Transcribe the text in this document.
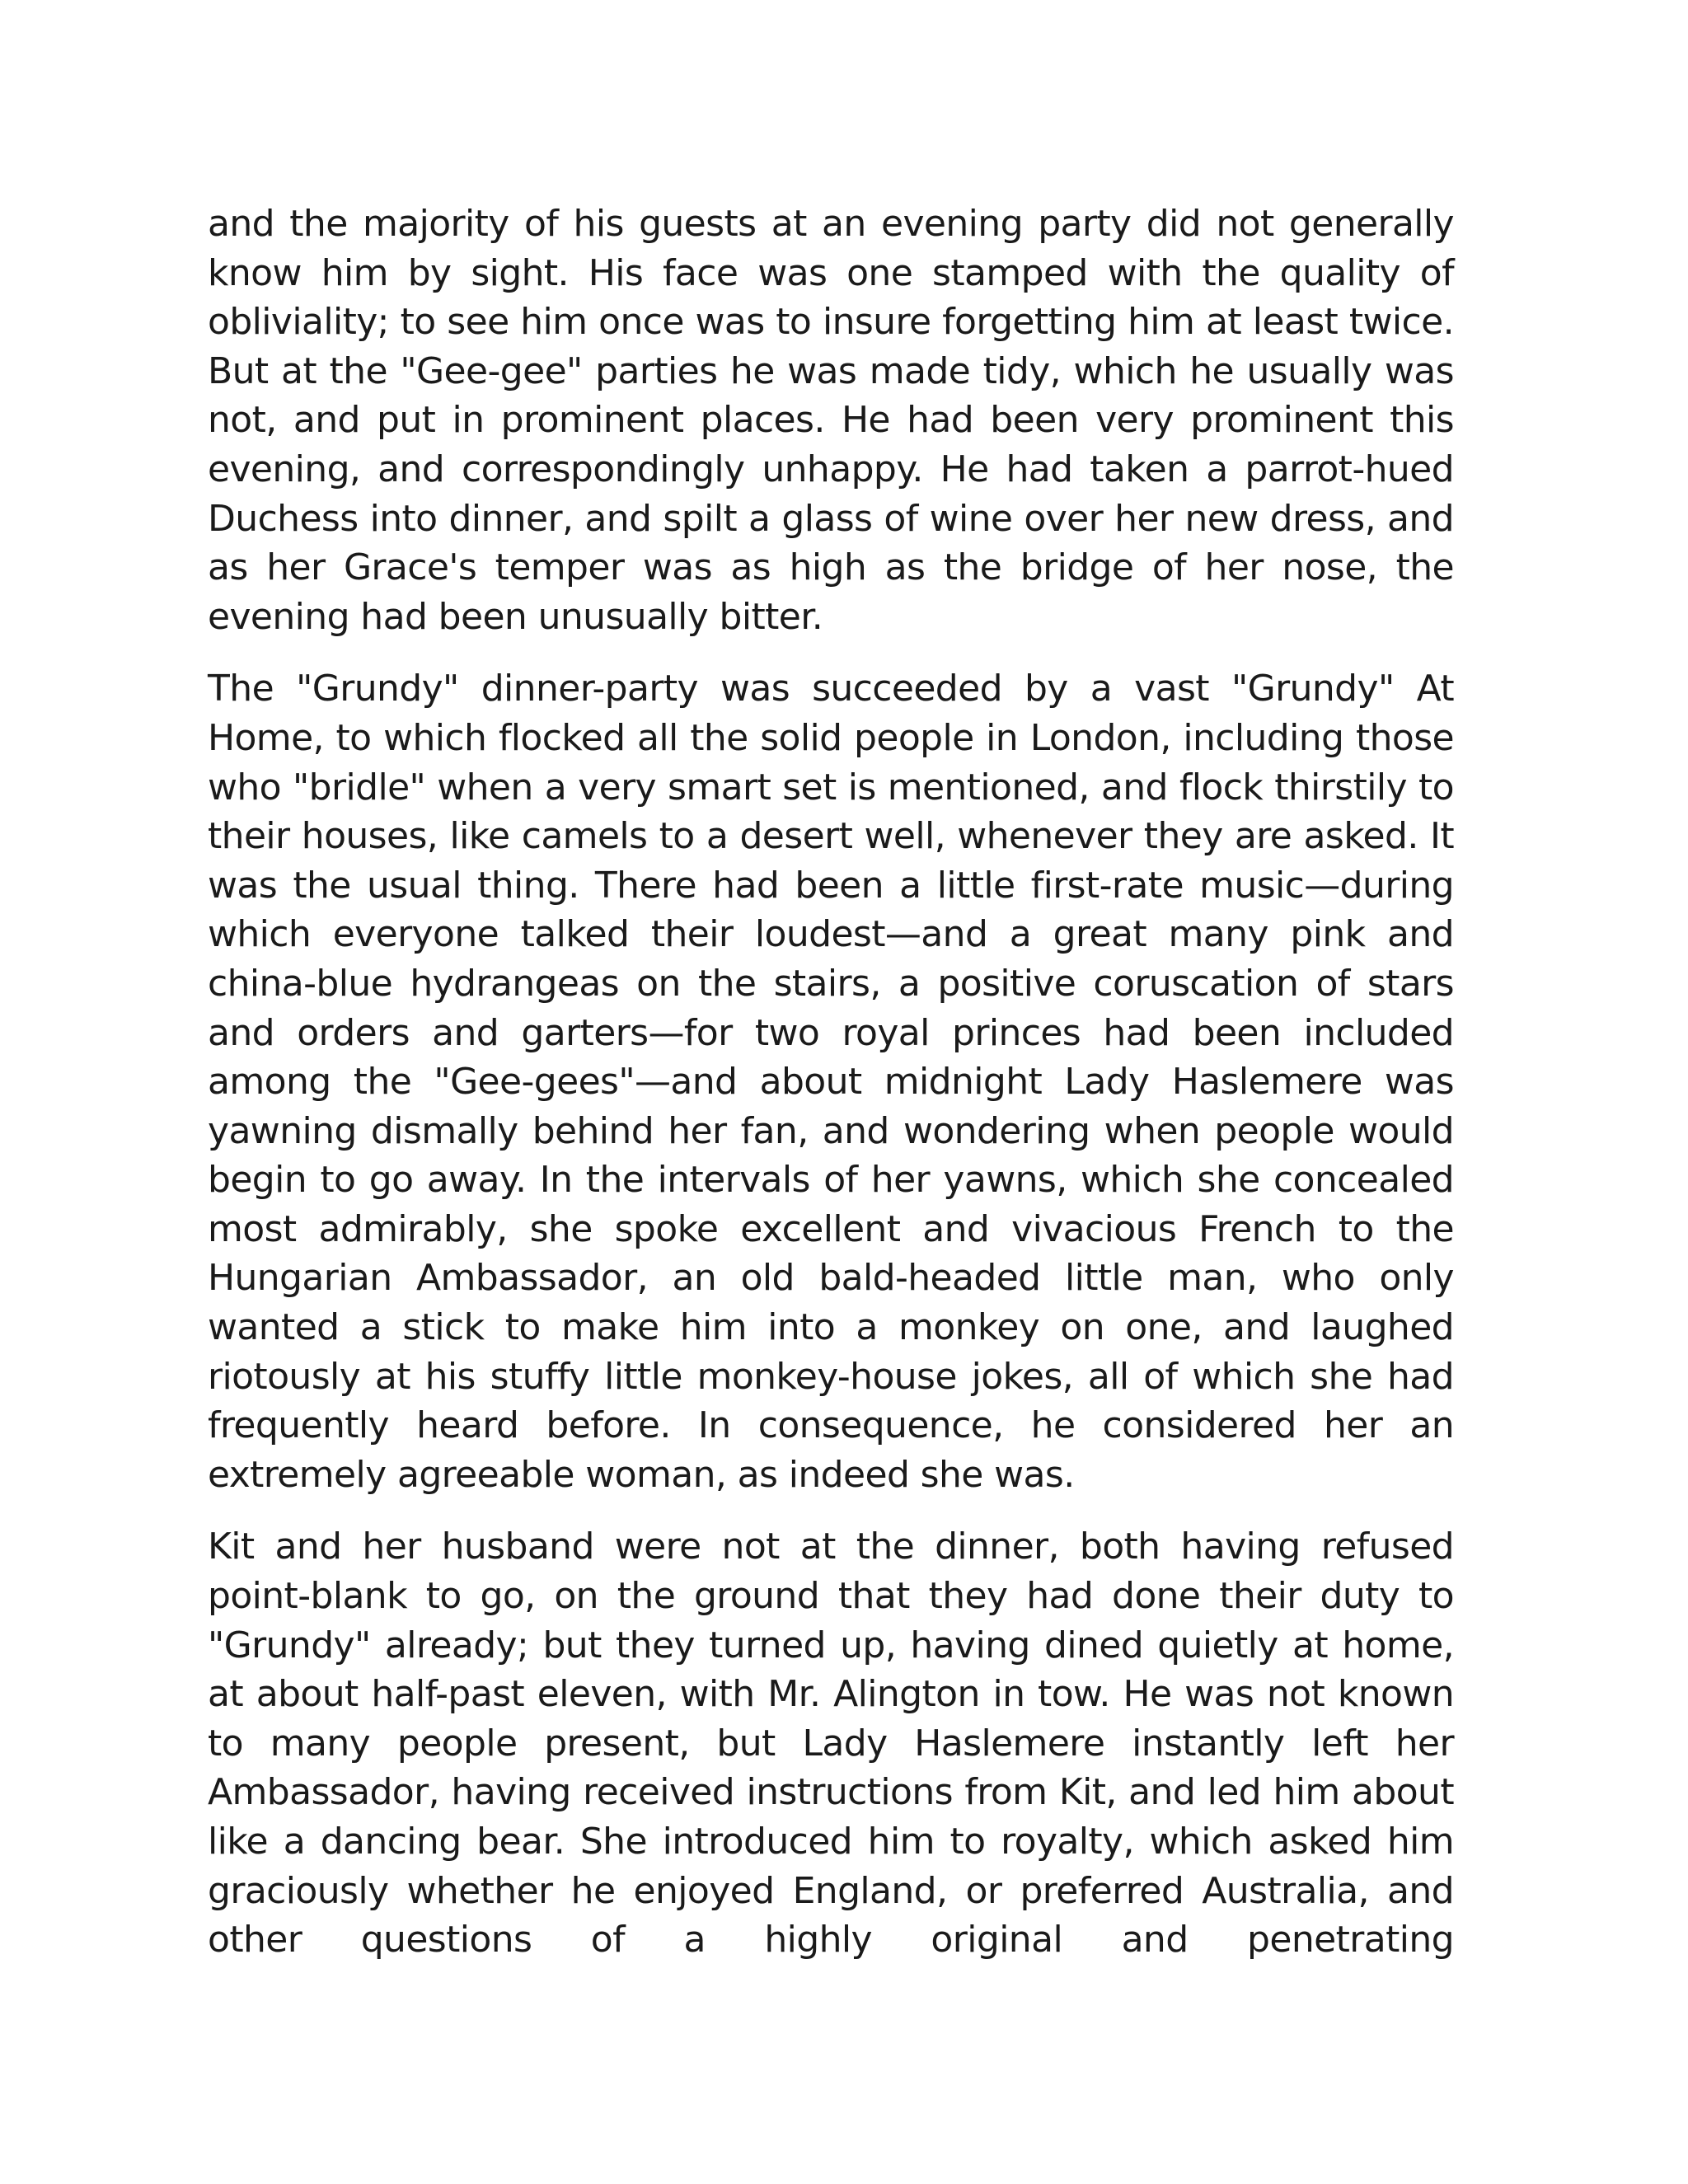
and the majority of his guests at an evening party did not generally know him by sight. His face was one stamped with the quality of obliviality; to see him once was to insure forgetting him at least twice. But at the "Gee-gee" parties he was made tidy, which he usually was not, and put in prominent places. He had been very prominent this evening, and correspondingly unhappy. He had taken a parrot-hued Duchess into dinner, and spilt a glass of wine over her new dress, and as her Grace's temper was as high as the bridge of her nose, the evening had been unusually bitter.

The "Grundy" dinner-party was succeeded by a vast "Grundy" At Home, to which flocked all the solid people in London, including those who "bridle" when a very smart set is mentioned, and flock thirstily to their houses, like camels to a desert well, whenever they are asked. It was the usual thing. There had been a little first-rate music—during which everyone talked their loudest—and a great many pink and china-blue hydrangeas on the stairs, a positive coruscation of stars and orders and garters—for two royal princes had been included among the "Gee-gees"—and about midnight Lady Haslemere was yawning dismally behind her fan, and wondering when people would begin to go away. In the intervals of her yawns, which she concealed most admirably, she spoke excellent and vivacious French to the Hungarian Ambassador, an old bald-headed little man, who only wanted a stick to make him into a monkey on one, and laughed riotously at his stuffy little monkey-house jokes, all of which she had frequently heard before. In consequence, he considered her an extremely agreeable woman, as indeed she was.

Kit and her husband were not at the dinner, both having refused point-blank to go, on the ground that they had done their duty to "Grundy" already; but they turned up, having dined quietly at home, at about half-past eleven, with Mr. Alington in tow. He was not known to many people present, but Lady Haslemere instantly left her Ambassador, having received instructions from Kit, and led him about like a dancing bear. She introduced him to royalty, which asked him graciously whether he enjoyed England, or preferred Australia, and other questions of a highly original and penetrating
